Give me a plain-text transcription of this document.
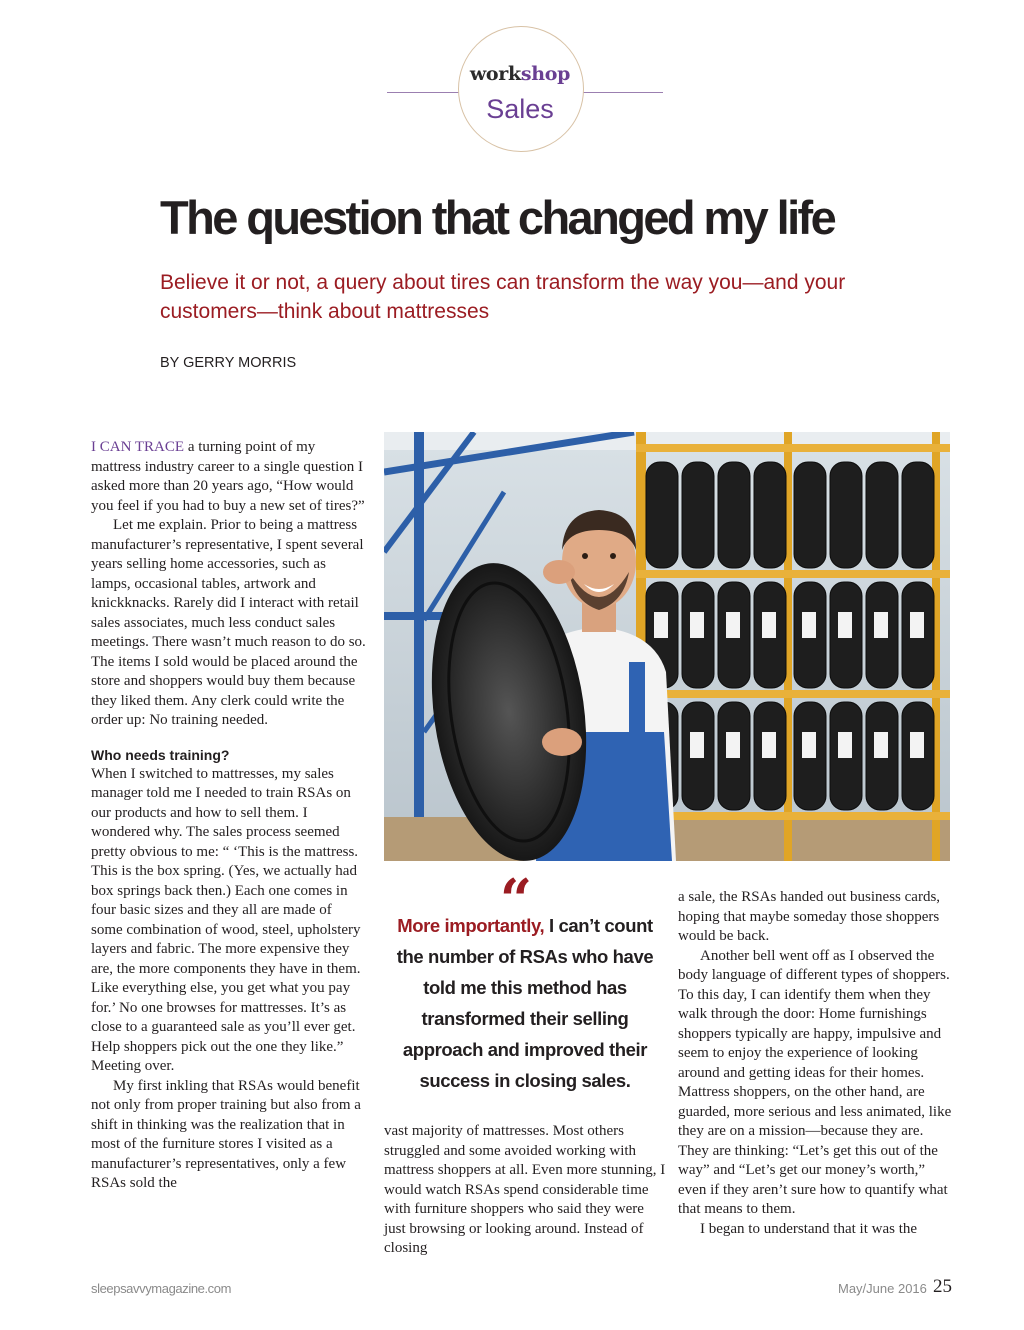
workshop
Sales
The question that changed my life
Believe it or not, a query about tires can transform the way you—and your customers—think about mattresses
BY GERRY MORRIS

I CAN TRACE a turning point of my mattress industry career to a single question I asked more than 20 years ago, “How would you feel if you had to buy a new set of tires?”

Let me explain. Prior to being a mattress manufacturer’s representative, I spent several years selling home accessories, such as lamps, occasional tables, artwork and knickknacks. Rarely did I interact with retail sales associates, much less conduct sales meetings. There wasn’t much reason to do so. The items I sold would be placed around the store and shoppers would buy them because they liked them. Any clerk could write the order up: No training needed.

Who needs training?

When I switched to mattresses, my sales manager told me I needed to train RSAs on our products and how to sell them. I wondered why. The sales process seemed pretty obvious to me: “ ‘This is the mattress. This is the box spring. (Yes, we actually had box springs back then.) Each one comes in four basic sizes and they all are made of some combination of wood, steel, upholstery layers and fabric. The more expensive they are, the more components they have in them. Like everything else, you get what you pay for.’ No one browses for mattresses. It’s as close to a guaranteed sale as you’ll ever get. Help shoppers pick out the one they like.” Meeting over.

My first inkling that RSAs would benefit not only from proper training but also from a shift in thinking was the realization that in most of the furniture stores I visited as a manufacturer’s representatives, only a few RSAs sold the

“
More importantly, I can’t count the number of RSAs who have told me this method has transformed their selling approach and improved their success in closing sales.

vast majority of mattresses. Most others struggled and some avoided working with mattress shoppers at all. Even more stunning, I would watch RSAs spend considerable time with furniture shoppers who said they were just browsing or looking around. Instead of closing

a sale, the RSAs handed out business cards, hoping that maybe someday those shoppers would be back.

Another bell went off as I observed the body language of different types of shoppers. To this day, I can identify them when they walk through the door: Home furnishings shoppers typically are happy, impulsive and seem to enjoy the experience of looking around and getting ideas for their homes. Mattress shoppers, on the other hand, are guarded, more serious and less animated, like they are on a mission—because they are. They are thinking: “Let’s get this out of the way” and “Let’s get our money’s worth,” even if they aren’t sure how to quantify what that means to them.

I began to understand that it was the

sleepsavvymagazine.com	May/June 2016 25
